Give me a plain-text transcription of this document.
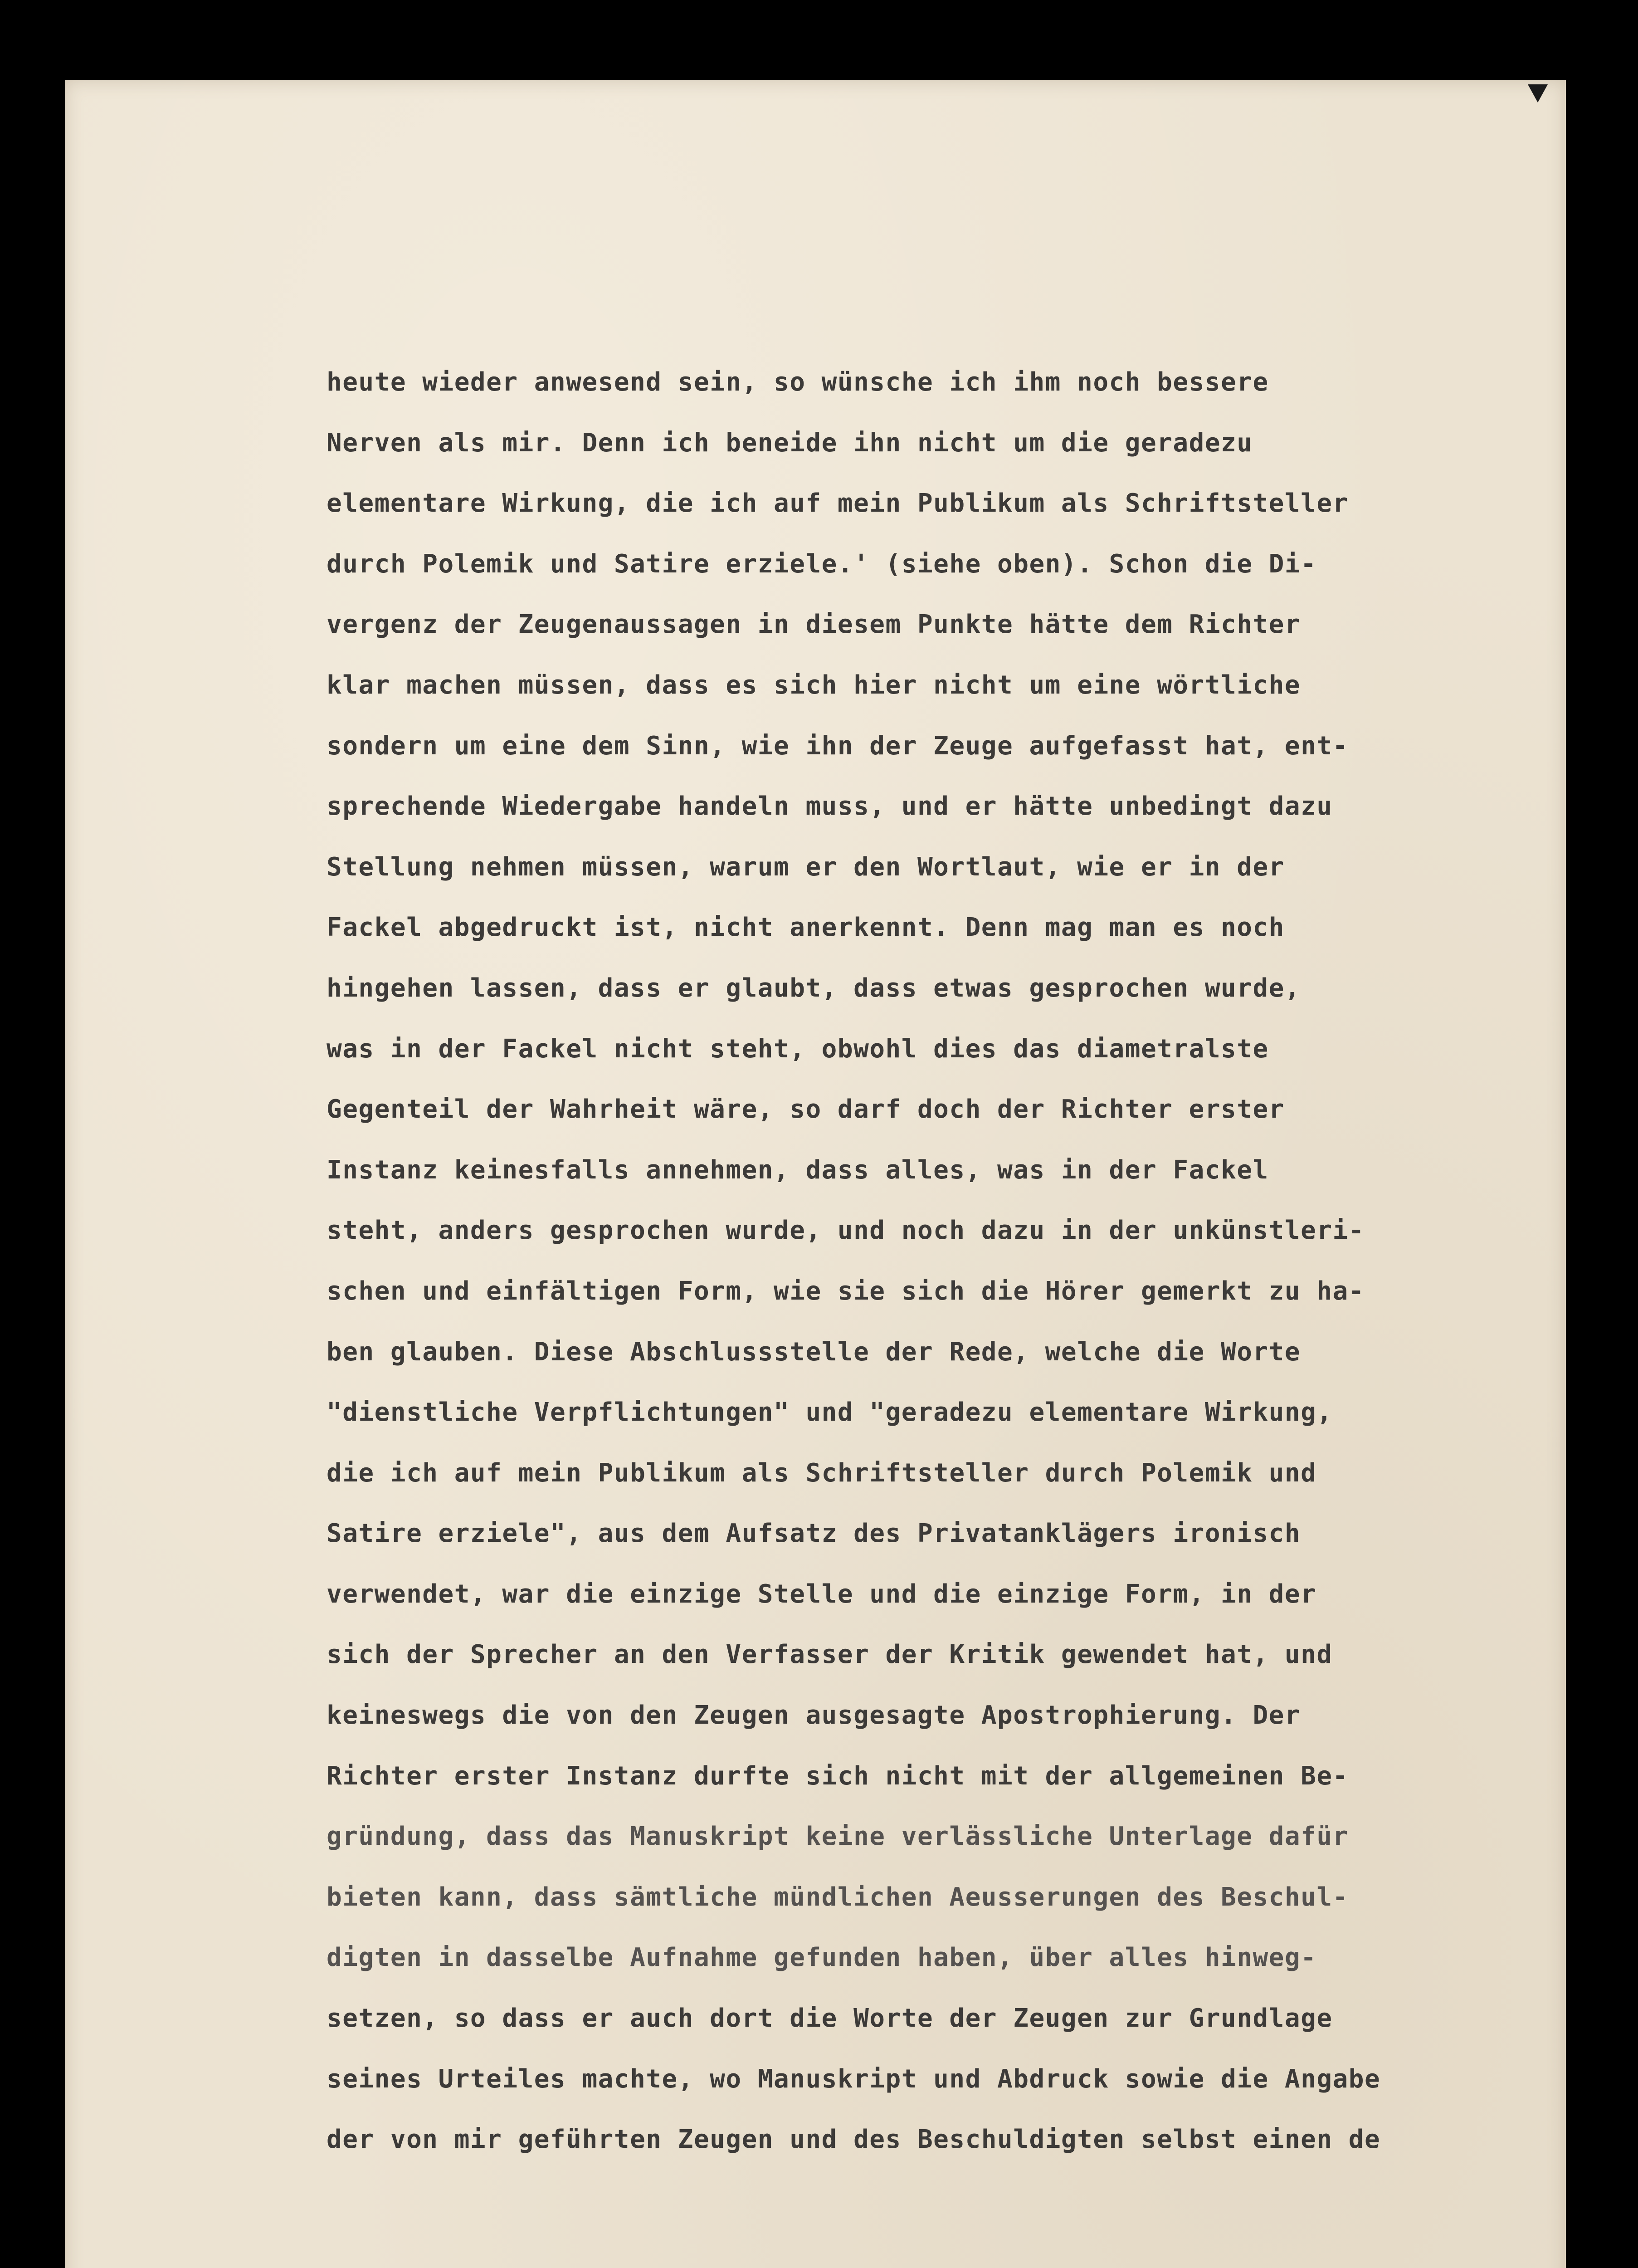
heute wieder anwesend sein, so wünsche ich ihm noch bessere
Nerven als mir. Denn ich beneide ihn nicht um die geradezu
elementare Wirkung, die ich auf mein Publikum als Schriftsteller
durch Polemik und Satire erziele.' (siehe oben). Schon die Di-
vergenz der Zeugenaussagen in diesem Punkte hätte dem Richter
klar machen müssen, dass es sich hier nicht um eine wörtliche
sondern um eine dem Sinn, wie ihn der Zeuge aufgefasst hat, ent-
sprechende Wiedergabe handeln muss, und er hätte unbedingt dazu
Stellung nehmen müssen, warum er den Wortlaut, wie er in der
Fackel abgedruckt ist, nicht anerkennt. Denn mag man es noch
hingehen lassen, dass er glaubt, dass etwas gesprochen wurde,
was in der Fackel nicht steht, obwohl dies das diametralste
Gegenteil der Wahrheit wäre, so darf doch der Richter erster
Instanz keinesfalls annehmen, dass alles, was in der Fackel
steht, anders gesprochen wurde, und noch dazu in der unkünstleri-
schen und einfältigen Form, wie sie sich die Hörer gemerkt zu ha-
ben glauben. Diese Abschlussstelle der Rede, welche die Worte
"dienstliche Verpflichtungen" und "geradezu elementare Wirkung,
die ich auf mein Publikum als Schriftsteller durch Polemik und
Satire erziele", aus dem Aufsatz des Privatanklägers ironisch
verwendet, war die einzige Stelle und die einzige Form, in der
sich der Sprecher an den Verfasser der Kritik gewendet hat, und
keineswegs die von den Zeugen ausgesagte Apostrophierung. Der
Richter erster Instanz durfte sich nicht mit der allgemeinen Be-
gründung, dass das Manuskript keine verlässliche Unterlage dafür
bieten kann, dass sämtliche mündlichen Aeusserungen des Beschul-
digten in dasselbe Aufnahme gefunden haben, über alles hinweg-
setzen, so dass er auch dort die Worte der Zeugen zur Grundlage
seines Urteiles machte, wo Manuskript und Abdruck sowie die Angabe
der von mir geführten Zeugen und des Beschuldigten selbst einen de
